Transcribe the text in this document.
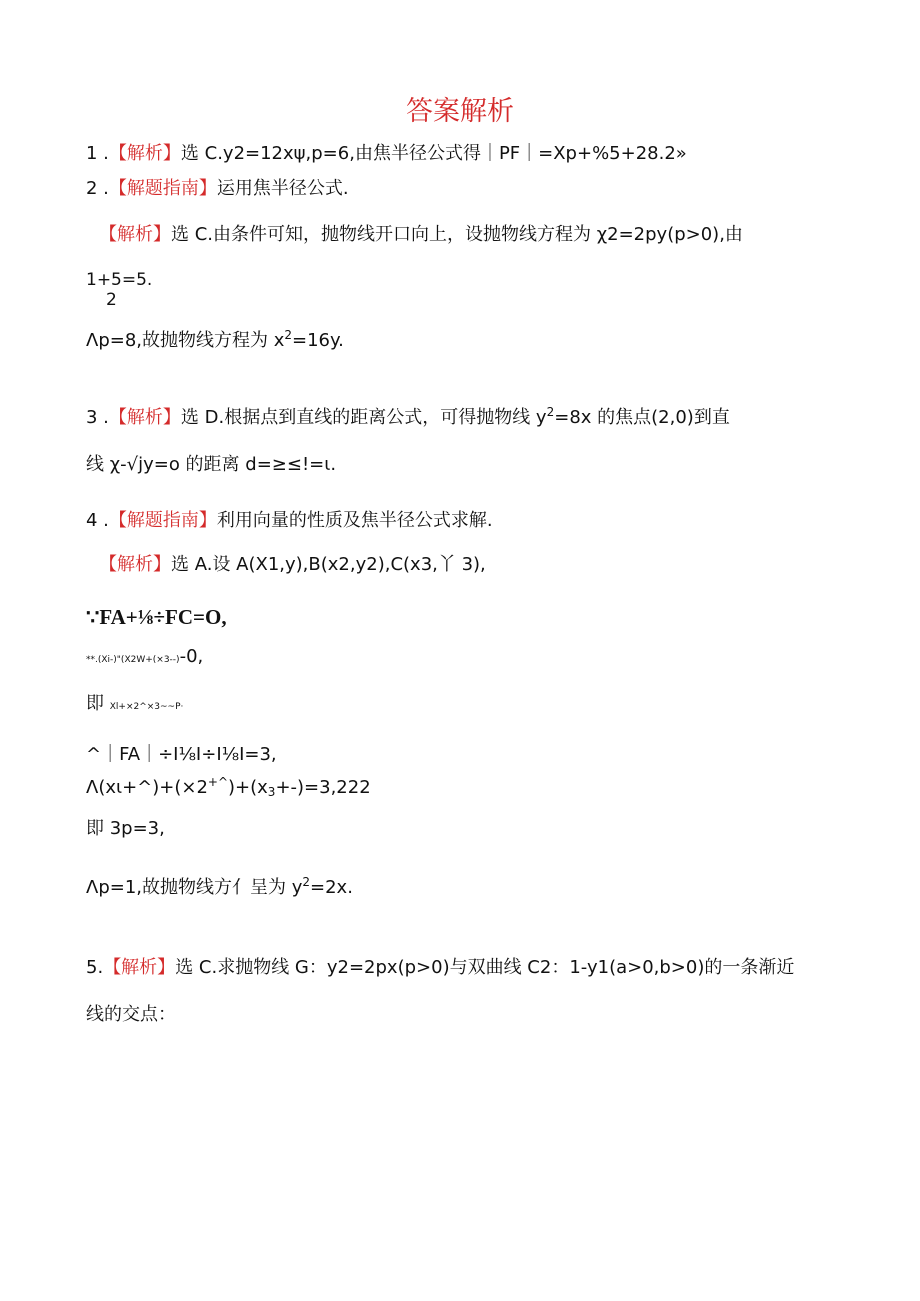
答案解析
1 .【解析】选 C.y2=12xψ,p=6,由焦半径公式得｜PF｜=Xp+%5+28.2»
2 .【解题指南】运用焦半径公式.
【解析】选 C.由条件可知，抛物线开口向上，设抛物线方程为 χ2=2py(p>0),由
1+5=5.
2
Λp=8,故抛物线方程为 $x^2=16y$.
3 .【解析】选 D.根据点到直线的距离公式，可得抛物线 $y^2=8x$ 的焦点(2,0)到直
线 χ-√jy=o 的距离 d=≥≤!=ι.
4 .【解题指南】利用向量的性质及焦半径公式求解.
【解析】选 A.设 A(X1,y),B(x2,y2),C(x3,丫 3),
∵FA+⅛÷FC=O,
**.(Xi-)"(X2W+(×3--)-0,
即 Xl+×2^×3~~P·
^｜FA｜÷I⅛I÷I⅛I=3,
$\Lambda(x\iota+\^{})+(\times 2^{+\^{}})+(x_3+-)=3,222$
即 3p=3,
Λp=1,故抛物线方亻呈为 $y^2=2x$.
5.【解析】选 C.求抛物线 G：y2=2px(p>0)与双曲线 C2：1-y1(a>0,b>0)的一条渐近
线的交点：
